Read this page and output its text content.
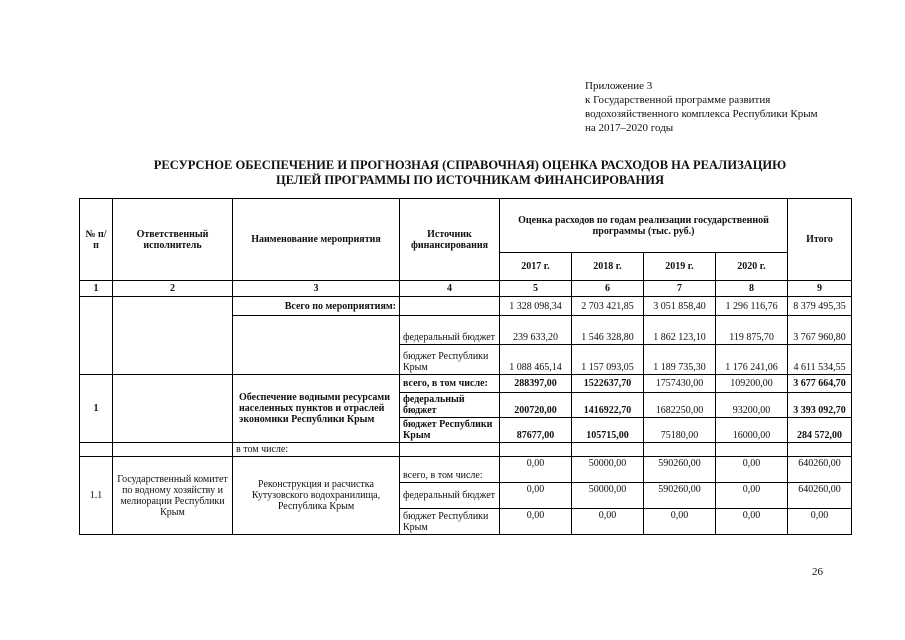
Приложение 3
к Государственной программе развития
водохозяйственного комплекса Республики Крым
на 2017–2020 годы
РЕСУРСНОЕ ОБЕСПЕЧЕНИЕ И ПРОГНОЗНАЯ (СПРАВОЧНАЯ) ОЦЕНКА РАСХОДОВ НА РЕАЛИЗАЦИЮ
ЦЕЛЕЙ ПРОГРАММЫ ПО ИСТОЧНИКАМ ФИНАНСИРОВАНИЯ
№ п/п	Ответственный исполнитель	Наименование мероприятия	Источник финансирования	Оценка расходов по годам реализации государственной программы (тыс. руб.)				Итого
				2017 г.	2018 г.	2019 г.	2020 г.	
1	2	3	4	5	6	7	8	9
		Всего по мероприятиям:		1 328 098,34	2 703 421,85	3 051 858,40	1 296 116,76	8 379 495,35
			федеральный бюджет	239 633,20	1 546 328,80	1 862 123,10	119 875,70	3 767 960,80
			бюджет Республики Крым	1 088 465,14	1 157 093,05	1 189 735,30	1 176 241,06	4 611 534,55
1		Обеспечение водными ресурсами населенных пунктов и отраслей экономики Республики Крым	всего, в том числе:	288397,00	1522637,70	1757430,00	109200,00	3 677 664,70
			федеральный бюджет	200720,00	1416922,70	1682250,00	93200,00	3 393 092,70
			бюджет Республики Крым	87677,00	105715,00	75180,00	16000,00	284 572,00
		в том числе:						
1.1	Государственный комитет по водному хозяйству и мелиорации Республики Крым	Реконструкция и расчистка Кутузовского водохранилища, Республика Крым	всего, в том числе:	0,00	50000,00	590260,00	0,00	640260,00
			федеральный бюджет	0,00	50000,00	590260,00	0,00	640260,00
			бюджет Республики Крым	0,00	0,00	0,00	0,00	0,00
26
